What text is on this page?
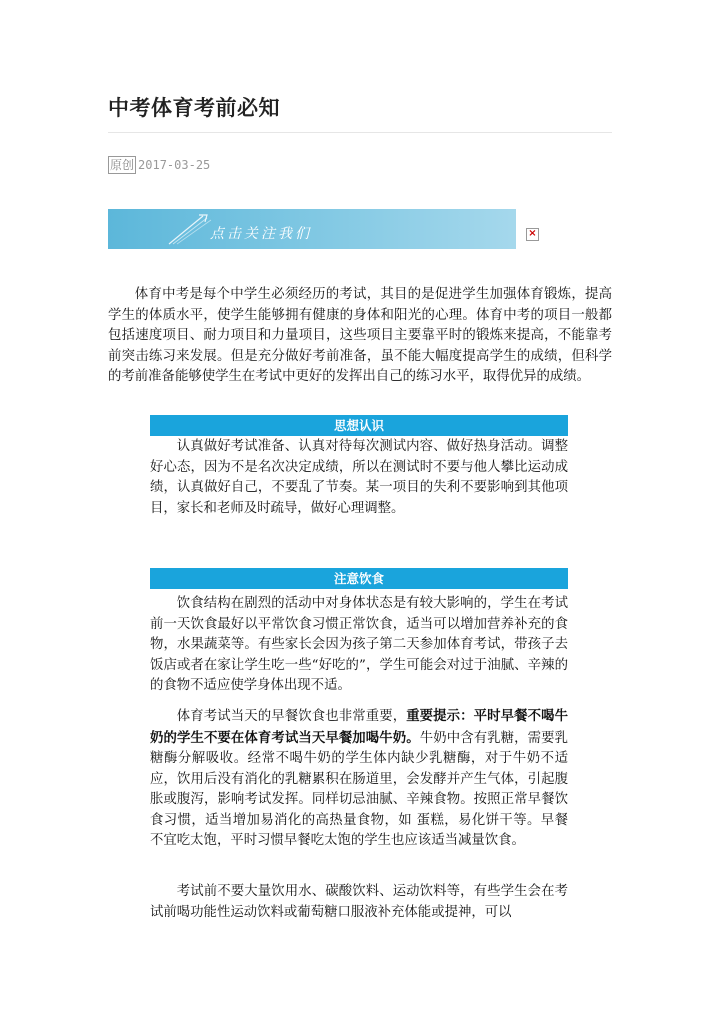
中考体育考前必知
原创 2017-03-25
点击关注我们	×
体育中考是每个中学生必须经历的考试，其目的是促进学生加强体育锻炼，提高学生的体质水平，使学生能够拥有健康的身体和阳光的心理。体育中考的项目一般都包括速度项目、耐力项目和力量项目，这些项目主要靠平时的锻炼来提高，不能靠考前突击练习来发展。但是充分做好考前准备，虽不能大幅度提高学生的成绩，但科学的考前准备能够使学生在考试中更好的发挥出自己的练习水平，取得优异的成绩。
思想认识
认真做好考试准备、认真对待每次测试内容、做好热身活动。调整好心态，因为不是名次决定成绩，所以在测试时不要与他人攀比运动成绩，认真做好自己，不要乱了节奏。某一项目的失利不要影响到其他项目，家长和老师及时疏导，做好心理调整。
注意饮食
饮食结构在剧烈的活动中对身体状态是有较大影响的，学生在考试前一天饮食最好以平常饮食习惯正常饮食，适当可以增加营养补充的食物，水果蔬菜等。有些家长会因为孩子第二天参加体育考试，带孩子去饭店或者在家让学生吃一些“好吃的”，学生可能会对过于油腻、辛辣的的食物不适应使学身体出现不适。
体育考试当天的早餐饮食也非常重要，重要提示：平时早餐不喝牛奶的学生不要在体育考试当天早餐加喝牛奶。牛奶中含有乳糖，需要乳糖酶分解吸收。经常不喝牛奶的学生体内缺少乳糖酶，对于牛奶不适应，饮用后没有消化的乳糖累积在肠道里，会发酵并产生气体，引起腹胀或腹泻，影响考试发挥。同样切忌油腻、辛辣食物。按照正常早餐饮食习惯，适当增加易消化的高热量食物，如 蛋糕，易化饼干等。早餐不宜吃太饱，平时习惯早餐吃太饱的学生也应该适当减量饮食。
考试前不要大量饮用水、碳酸饮料、运动饮料等，有些学生会在考试前喝功能性运动饮料或葡萄糖口服液补充体能或提神，可以
